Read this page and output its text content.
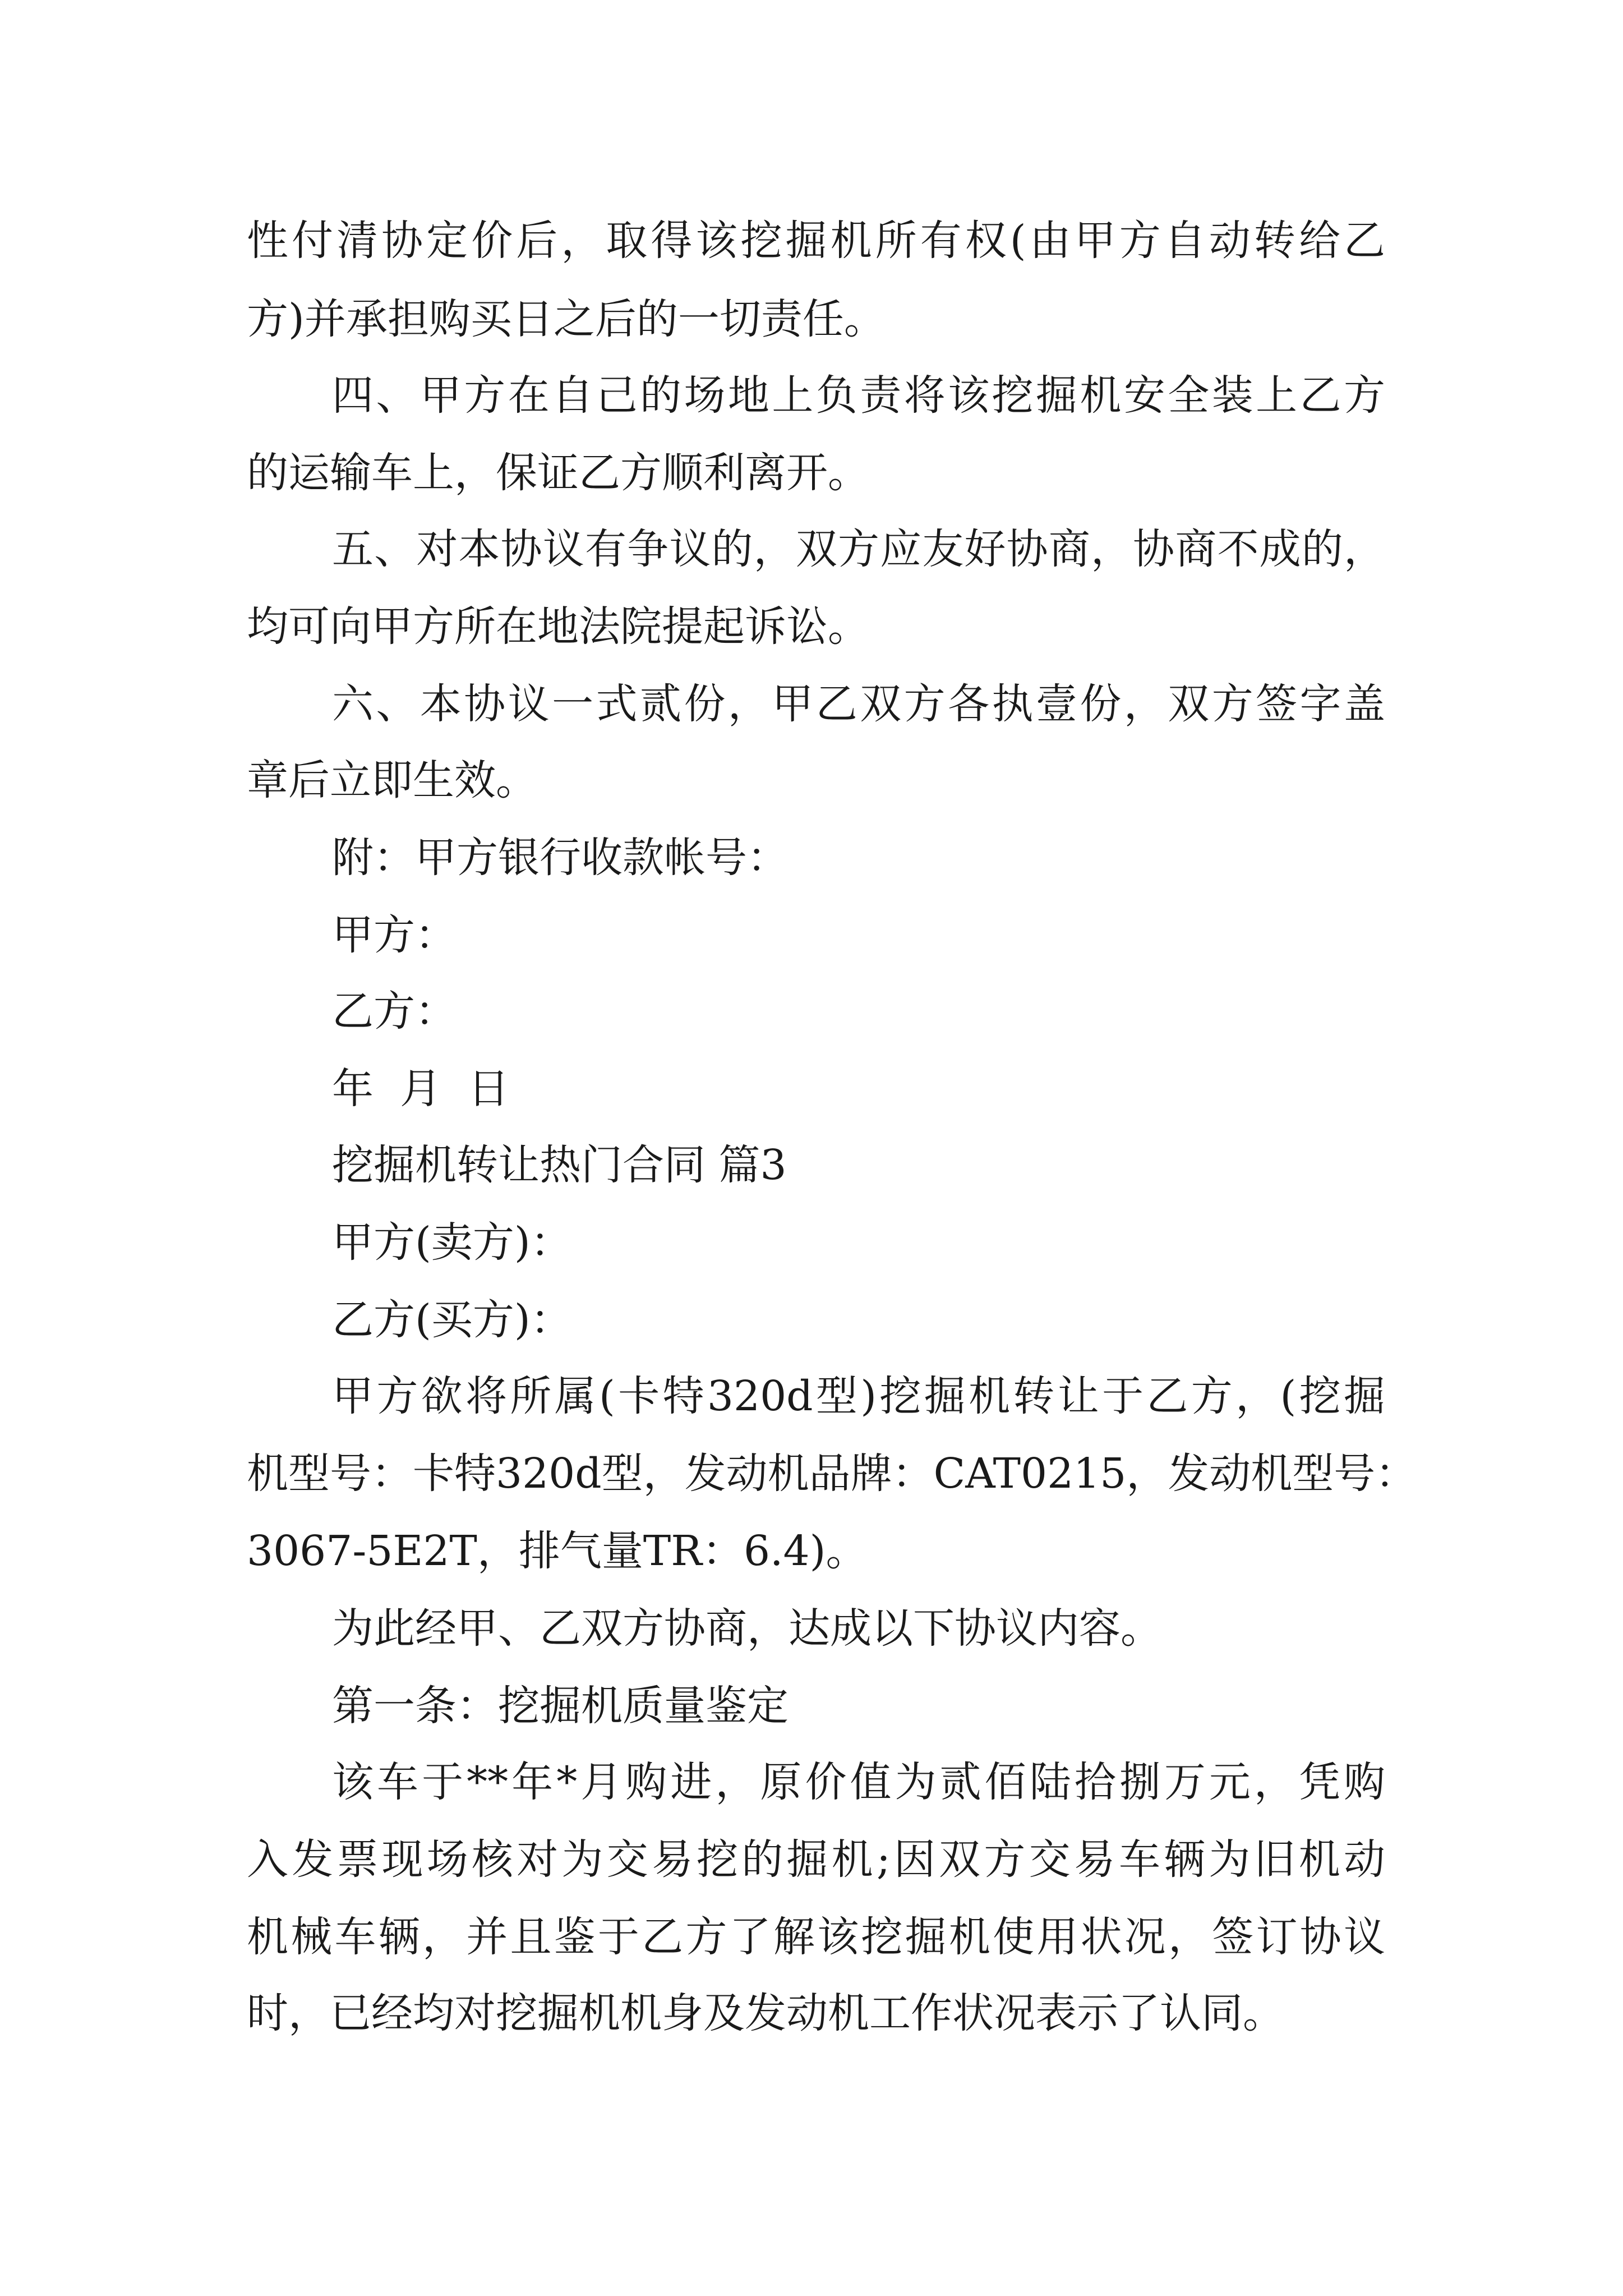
性付清协定价后，取得该挖掘机所有权(由甲方自动转给乙
方)并承担购买日之后的一切责任。
四、甲方在自己的场地上负责将该挖掘机安全装上乙方
的运输车上，保证乙方顺利离开。
五、对本协议有争议的，双方应友好协商，协商不成的，
均可向甲方所在地法院提起诉讼。
六、本协议一式贰份，甲乙双方各执壹份，双方签字盖
章后立即生效。
附：甲方银行收款帐号：
甲方：
乙方：
年  月  日
挖掘机转让热门合同 篇3
甲方(卖方)：
乙方(买方)：
甲方欲将所属(卡特320d型)挖掘机转让于乙方，(挖掘
机型号：卡特320d型，发动机品牌：CAT0215，发动机型号：
3067-5E2T，排气量TR：6.4)。
为此经甲、乙双方协商，达成以下协议内容。
第一条：挖掘机质量鉴定
该车于**年*月购进，原价值为贰佰陆拾捌万元，凭购
入发票现场核对为交易挖的掘机;因双方交易车辆为旧机动
机械车辆，并且鉴于乙方了解该挖掘机使用状况，签订协议
时，已经均对挖掘机机身及发动机工作状况表示了认同。
